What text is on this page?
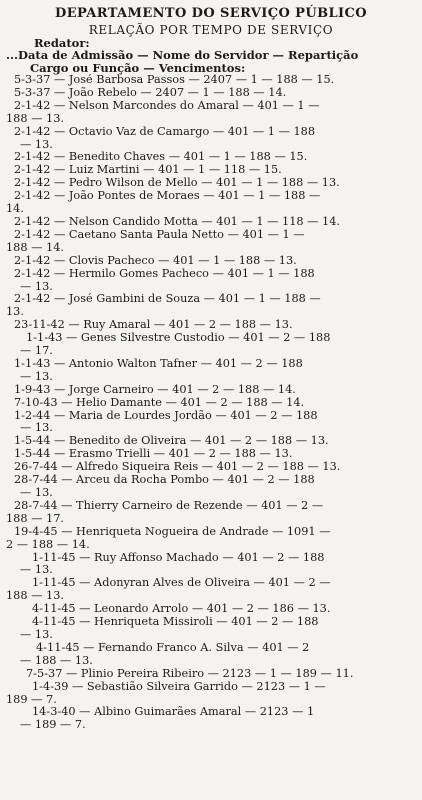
DEPARTAMENTO DO SERVIÇO PÚBLICO
RELAÇÃO POR TEMPO DE SERVIÇO
Redator:
...Data de Admissão — Nome do Servidor — Repartição
Cargo ou Função — Vencimentos:
5-3-37 — José Barbosa Passos — 2407 — 1 — 188 — 15.
5-3-37 — João Rebelo — 2407 — 1 — 188 — 14.
2-1-42 — Nelson Marcondes do Amaral — 401 — 1 —
188 — 13.
2-1-42 — Octavio Vaz de Camargo — 401 — 1 — 188
— 13.
2-1-42 — Benedito Chaves — 401 — 1 — 188 — 15.
2-1-42 — Luiz Martini — 401 — 1 — 118 — 15.
2-1-42 — Pedro Wilson de Mello — 401 — 1 — 188 — 13.
2-1-42 — João Pontes de Moraes — 401 — 1 — 188 —
14.
2-1-42 — Nelson Candido Motta — 401 — 1 — 118 — 14.
2-1-42 — Caetano Santa Paula Netto — 401 — 1 —
188 — 14.
2-1-42 — Clovis Pacheco — 401 — 1 — 188 — 13.
2-1-42 — Hermilo Gomes Pacheco — 401 — 1 — 188
— 13.
2-1-42 — José Gambini de Souza — 401 — 1 — 188 —
13.
23-11-42 — Ruy Amaral — 401 — 2 — 188 — 13.
1-1-43 — Genes Silvestre Custodio — 401 — 2 — 188
— 17.
1-1-43 — Antonio Walton Tafner — 401 — 2 — 188
— 13.
1-9-43 — Jorge Carneiro — 401 — 2 — 188 — 14.
7-10-43 — Helio Damante — 401 — 2 — 188 — 14.
1-2-44 — Maria de Lourdes Jordão — 401 — 2 — 188
— 13.
1-5-44 — Benedito de Oliveira — 401 — 2 — 188 — 13.
1-5-44 — Erasmo Trielli — 401 — 2 — 188 — 13.
26-7-44 — Alfredo Siqueira Reis — 401 — 2 — 188 — 13.
28-7-44 — Arceu da Rocha Pombo — 401 — 2 — 188
— 13.
28-7-44 — Thierry Carneiro de Rezende — 401 — 2 —
188 — 17.
19-4-45 — Henriqueta Nogueira de Andrade — 1091 —
2 — 188 — 14.
1-11-45 — Ruy Affonso Machado — 401 — 2 — 188
— 13.
1-11-45 — Adonyran Alves de Oliveira — 401 — 2 —
188 — 13.
4-11-45 — Leonardo Arrolo — 401 — 2 — 186 — 13.
4-11-45 — Henriqueta Missiroli — 401 — 2 — 188
— 13.
4-11-45 — Fernando Franco A. Silva — 401 — 2
— 188 — 13.
7-5-37 — Plinio Pereira Ribeiro — 2123 — 1 — 189 — 11.
1-4-39 — Sebastião Silveira Garrido — 2123 — 1 —
189 — 7.
14-3-40 — Albino Guimarães Amaral — 2123 — 1
— 189 — 7.
